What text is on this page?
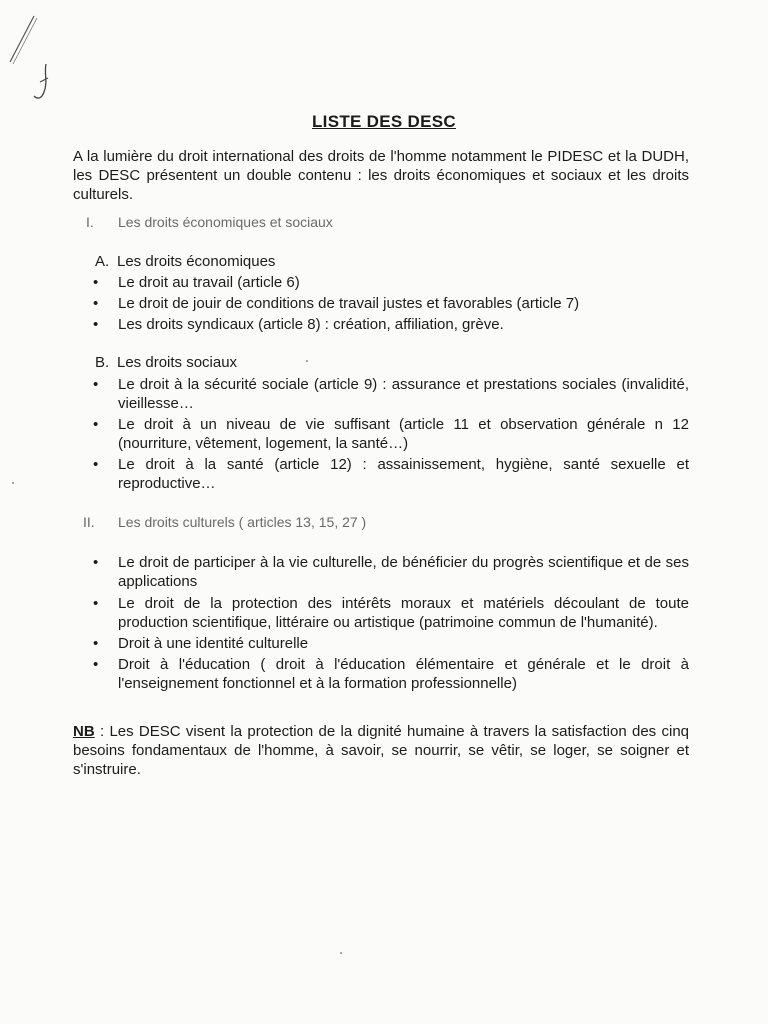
LISTE DES DESC
A la lumière du droit international des droits de l'homme notamment le PIDESC et la DUDH, les DESC présentent un double contenu : les droits économiques et sociaux et les droits culturels.
I. Les droits économiques et sociaux
A. Les droits économiques
• Le droit au travail (article 6)
• Le droit de jouir de conditions de travail justes et favorables (article 7)
• Les droits syndicaux (article 8) : création, affiliation, grève.
B. Les droits sociaux
• Le droit à la sécurité sociale (article 9) : assurance et prestations sociales (invalidité, vieillesse…
• Le droit à un niveau de vie suffisant (article 11 et observation générale n 12 (nourriture, vêtement, logement, la santé…)
• Le droit à la santé (article 12) : assainissement, hygiène, santé sexuelle et reproductive…
II. Les droits culturels ( articles 13, 15, 27 )
• Le droit de participer à la vie culturelle, de bénéficier du progrès scientifique et de ses applications
• Le droit de la protection des intérêts moraux et matériels découlant de toute production scientifique, littéraire ou artistique (patrimoine commun de l'humanité).
• Droit à une identité culturelle
• Droit à l'éducation ( droit à l'éducation élémentaire et générale et le droit à l'enseignement fonctionnel et à la formation professionnelle)
NB : Les DESC visent la protection de la dignité humaine à travers la satisfaction des cinq besoins fondamentaux de l'homme, à savoir, se nourrir, se vêtir, se loger, se soigner et s'instruire.
